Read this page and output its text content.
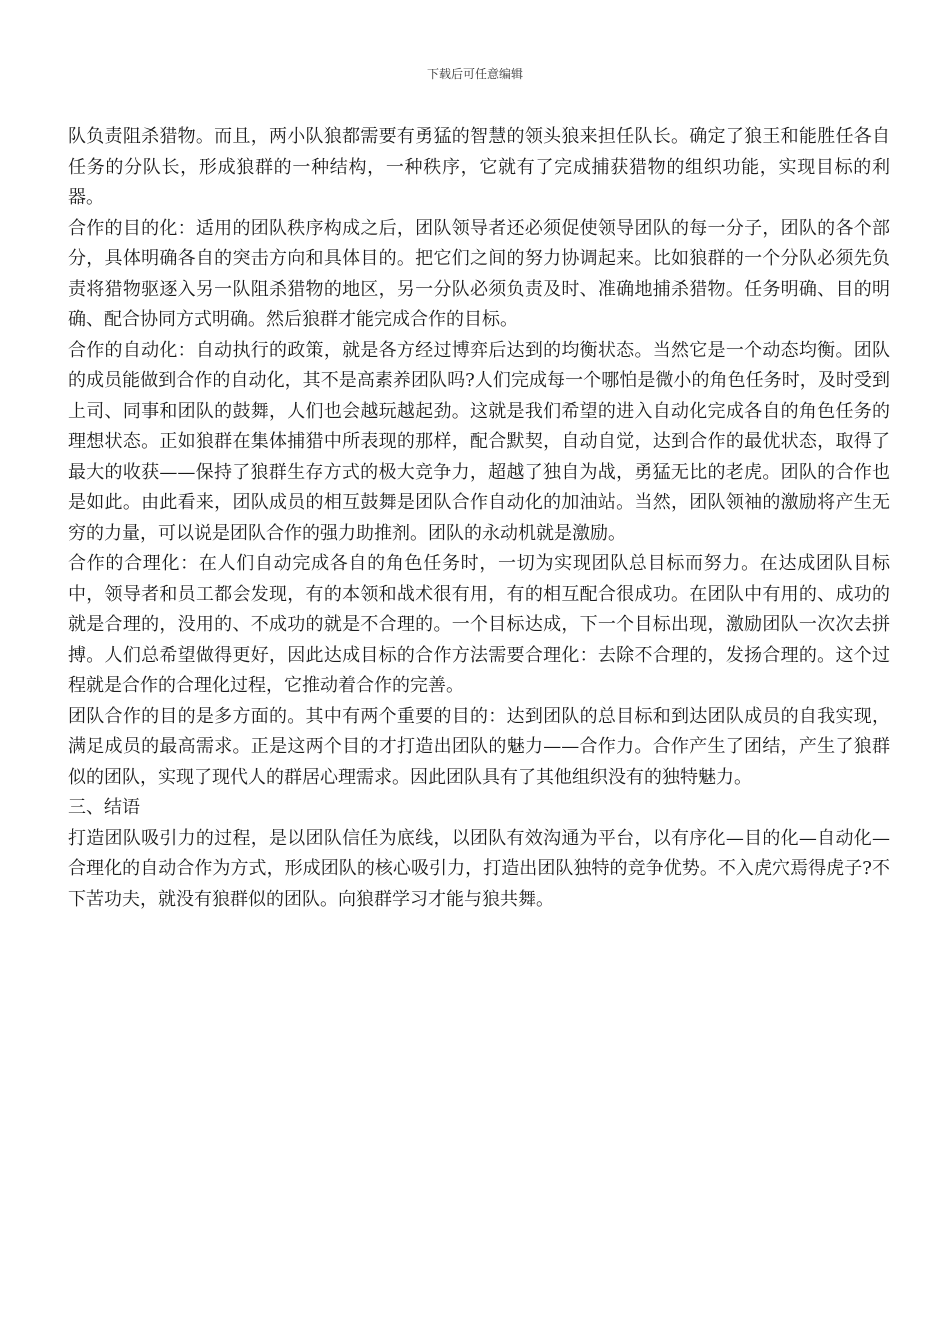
下载后可任意编辑

队负责阻杀猎物。而且，两小队狼都需要有勇猛的智慧的领头狼来担任队长。确定了狼王和能胜任各自任务的分队长，形成狼群的一种结构，一种秩序，它就有了完成捕获猎物的组织功能，实现目标的利器。

合作的目的化：适用的团队秩序构成之后，团队领导者还必须促使领导团队的每一分子，团队的各个部分，具体明确各自的突击方向和具体目的。把它们之间的努力协调起来。比如狼群的一个分队必须先负责将猎物驱逐入另一队阻杀猎物的地区，另一分队必须负责及时、准确地捕杀猎物。任务明确、目的明确、配合协同方式明确。然后狼群才能完成合作的目标。

合作的自动化：自动执行的政策，就是各方经过博弈后达到的均衡状态。当然它是一个动态均衡。团队的成员能做到合作的自动化，其不是高素养团队吗?人们完成每一个哪怕是微小的角色任务时，及时受到上司、同事和团队的鼓舞，人们也会越玩越起劲。这就是我们希望的进入自动化完成各自的角色任务的理想状态。正如狼群在集体捕猎中所表现的那样，配合默契，自动自觉，达到合作的最优状态，取得了最大的收获——保持了狼群生存方式的极大竞争力，超越了独自为战，勇猛无比的老虎。团队的合作也是如此。由此看来，团队成员的相互鼓舞是团队合作自动化的加油站。当然，团队领袖的激励将产生无穷的力量，可以说是团队合作的强力助推剂。团队的永动机就是激励。

合作的合理化：在人们自动完成各自的角色任务时，一切为实现团队总目标而努力。在达成团队目标中，领导者和员工都会发现，有的本领和战术很有用，有的相互配合很成功。在团队中有用的、成功的就是合理的，没用的、不成功的就是不合理的。一个目标达成，下一个目标出现，激励团队一次次去拼搏。人们总希望做得更好，因此达成目标的合作方法需要合理化：去除不合理的，发扬合理的。这个过程就是合作的合理化过程，它推动着合作的完善。

团队合作的目的是多方面的。其中有两个重要的目的：达到团队的总目标和到达团队成员的自我实现，满足成员的最高需求。正是这两个目的才打造出团队的魅力——合作力。合作产生了团结，产生了狼群似的团队，实现了现代人的群居心理需求。因此团队具有了其他组织没有的独特魅力。

三、结语

打造团队吸引力的过程，是以团队信任为底线，以团队有效沟通为平台，以有序化—目的化—自动化—合理化的自动合作为方式，形成团队的核心吸引力，打造出团队独特的竞争优势。不入虎穴焉得虎子?不下苦功夫，就没有狼群似的团队。向狼群学习才能与狼共舞。
